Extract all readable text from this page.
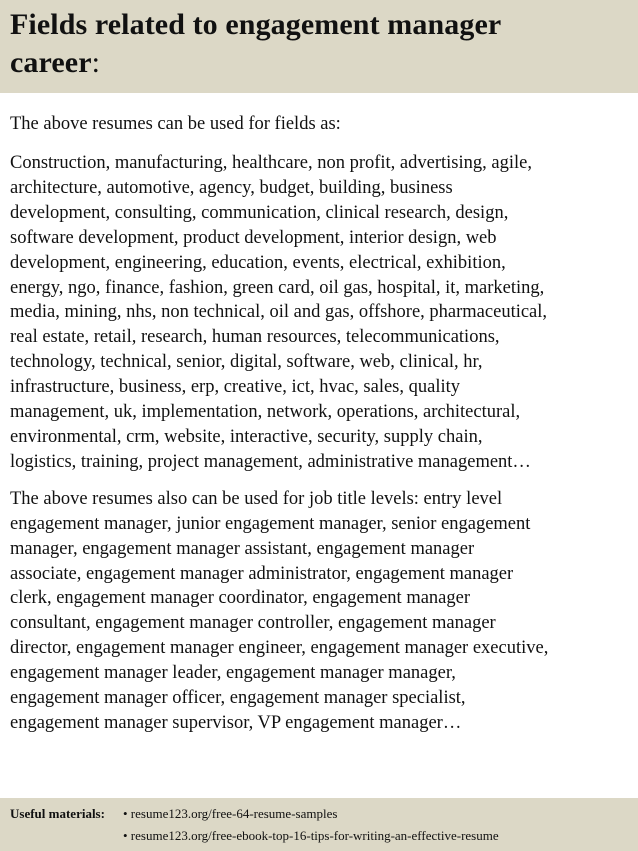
Fields related to engagement manager
career:

The above resumes can be used for fields as:

Construction, manufacturing, healthcare, non profit, advertising, agile,

architecture, automotive, agency, budget, building, business

development, consulting, communication, clinical research, design,

software development, product development, interior design, web

development, engineering, education, events, electrical, exhibition,

energy, ngo, finance, fashion, green card, oil gas, hospital, it, marketing,

media, mining, nhs, non technical, oil and gas, offshore, pharmaceutical,

real estate, retail, research, human resources, telecommunications,

technology, technical, senior, digital, software, web, clinical, hr,

infrastructure, business, erp, creative, ict, hvac, sales, quality

management, uk, implementation, network, operations, architectural,

environmental, crm, website, interactive, security, supply chain,

logistics, training, project management, administrative management…

The above resumes also can be used for job title levels: entry level

engagement manager, junior engagement manager, senior engagement

manager, engagement manager assistant, engagement manager

associate, engagement manager administrator, engagement manager

clerk, engagement manager coordinator, engagement manager

consultant, engagement manager controller, engagement manager

director, engagement manager engineer, engagement manager executive,

engagement manager leader, engagement manager manager,

engagement manager officer, engagement manager specialist,

engagement manager supervisor, VP engagement manager…

Useful materials: • resume123.org/free-64-resume-samples
• resume123.org/free-ebook-top-16-tips-for-writing-an-effective-resume
